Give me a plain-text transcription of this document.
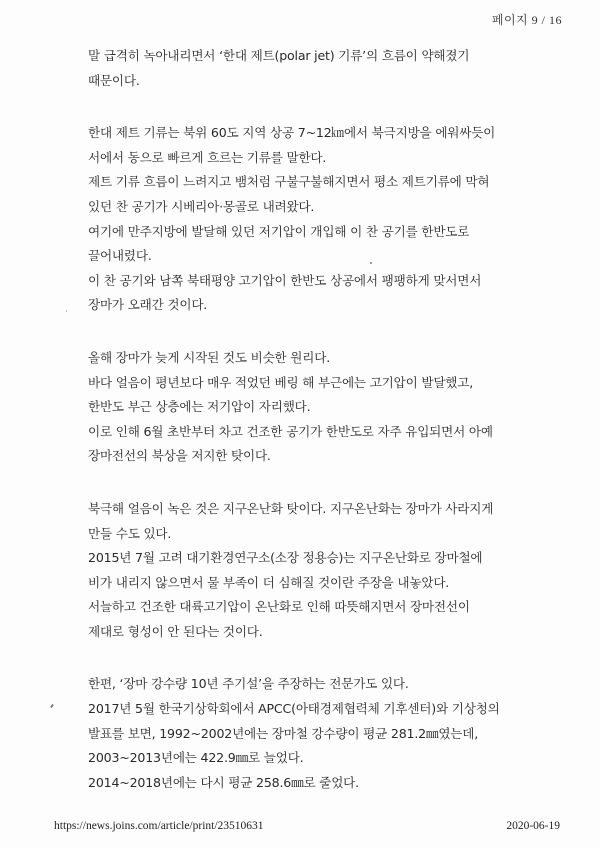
페이지 9 / 16
말 급격히 녹아내리면서 ‘한대 제트(polar jet) 기류’의 흐름이 약해졌기
때문이다.
한대 제트 기류는 북위 60도 지역 상공 7~12㎞에서 북극지방을 에워싸듯이
서에서 동으로 빠르게 흐르는 기류를 말한다.
제트 기류 흐름이 느려지고 뱀처럼 구불구불해지면서 평소 제트기류에 막혀
있던 찬 공기가 시베리아·몽골로 내려왔다.
여기에 만주지방에 발달해 있던 저기압이 개입해 이 찬 공기를 한반도로
끌어내렸다.
이 찬 공기와 남쪽 북태평양 고기압이 한반도 상공에서 팽팽하게 맞서면서
장마가 오래간 것이다.
올해 장마가 늦게 시작된 것도 비슷한 원리다.
바다 얼음이 평년보다 매우 적었던 베링 해 부근에는 고기압이 발달했고,
한반도 부근 상층에는 저기압이 자리했다.
이로 인해 6월 초반부터 차고 건조한 공기가 한반도로 자주 유입되면서 아예
장마전선의 북상을 저지한 탓이다.
북극해 얼음이 녹은 것은 지구온난화 탓이다. 지구온난화는 장마가 사라지게
만들 수도 있다.
2015년 7월 고려 대기환경연구소(소장 정용승)는 지구온난화로 장마철에
비가 내리지 않으면서 물 부족이 더 심해질 것이란 주장을 내놓았다.
서늘하고 건조한 대륙고기압이 온난화로 인해 따뜻해지면서 장마전선이
제대로 형성이 안 된다는 것이다.
한편, ‘장마 강수량 10년 주기설’을 주장하는 전문가도 있다.
2017년 5월 한국기상학회에서 APCC(아태경제협력체 기후센터)와 기상청의
발표를 보면, 1992~2002년에는 장마철 강수량이 평균 281.2㎜였는데,
2003~2013년에는 422.9㎜로 늘었다.
2014~2018년에는 다시 평균 258.6㎜로 줄었다.
https://news.joins.com/article/print/23510631	2020-06-19
